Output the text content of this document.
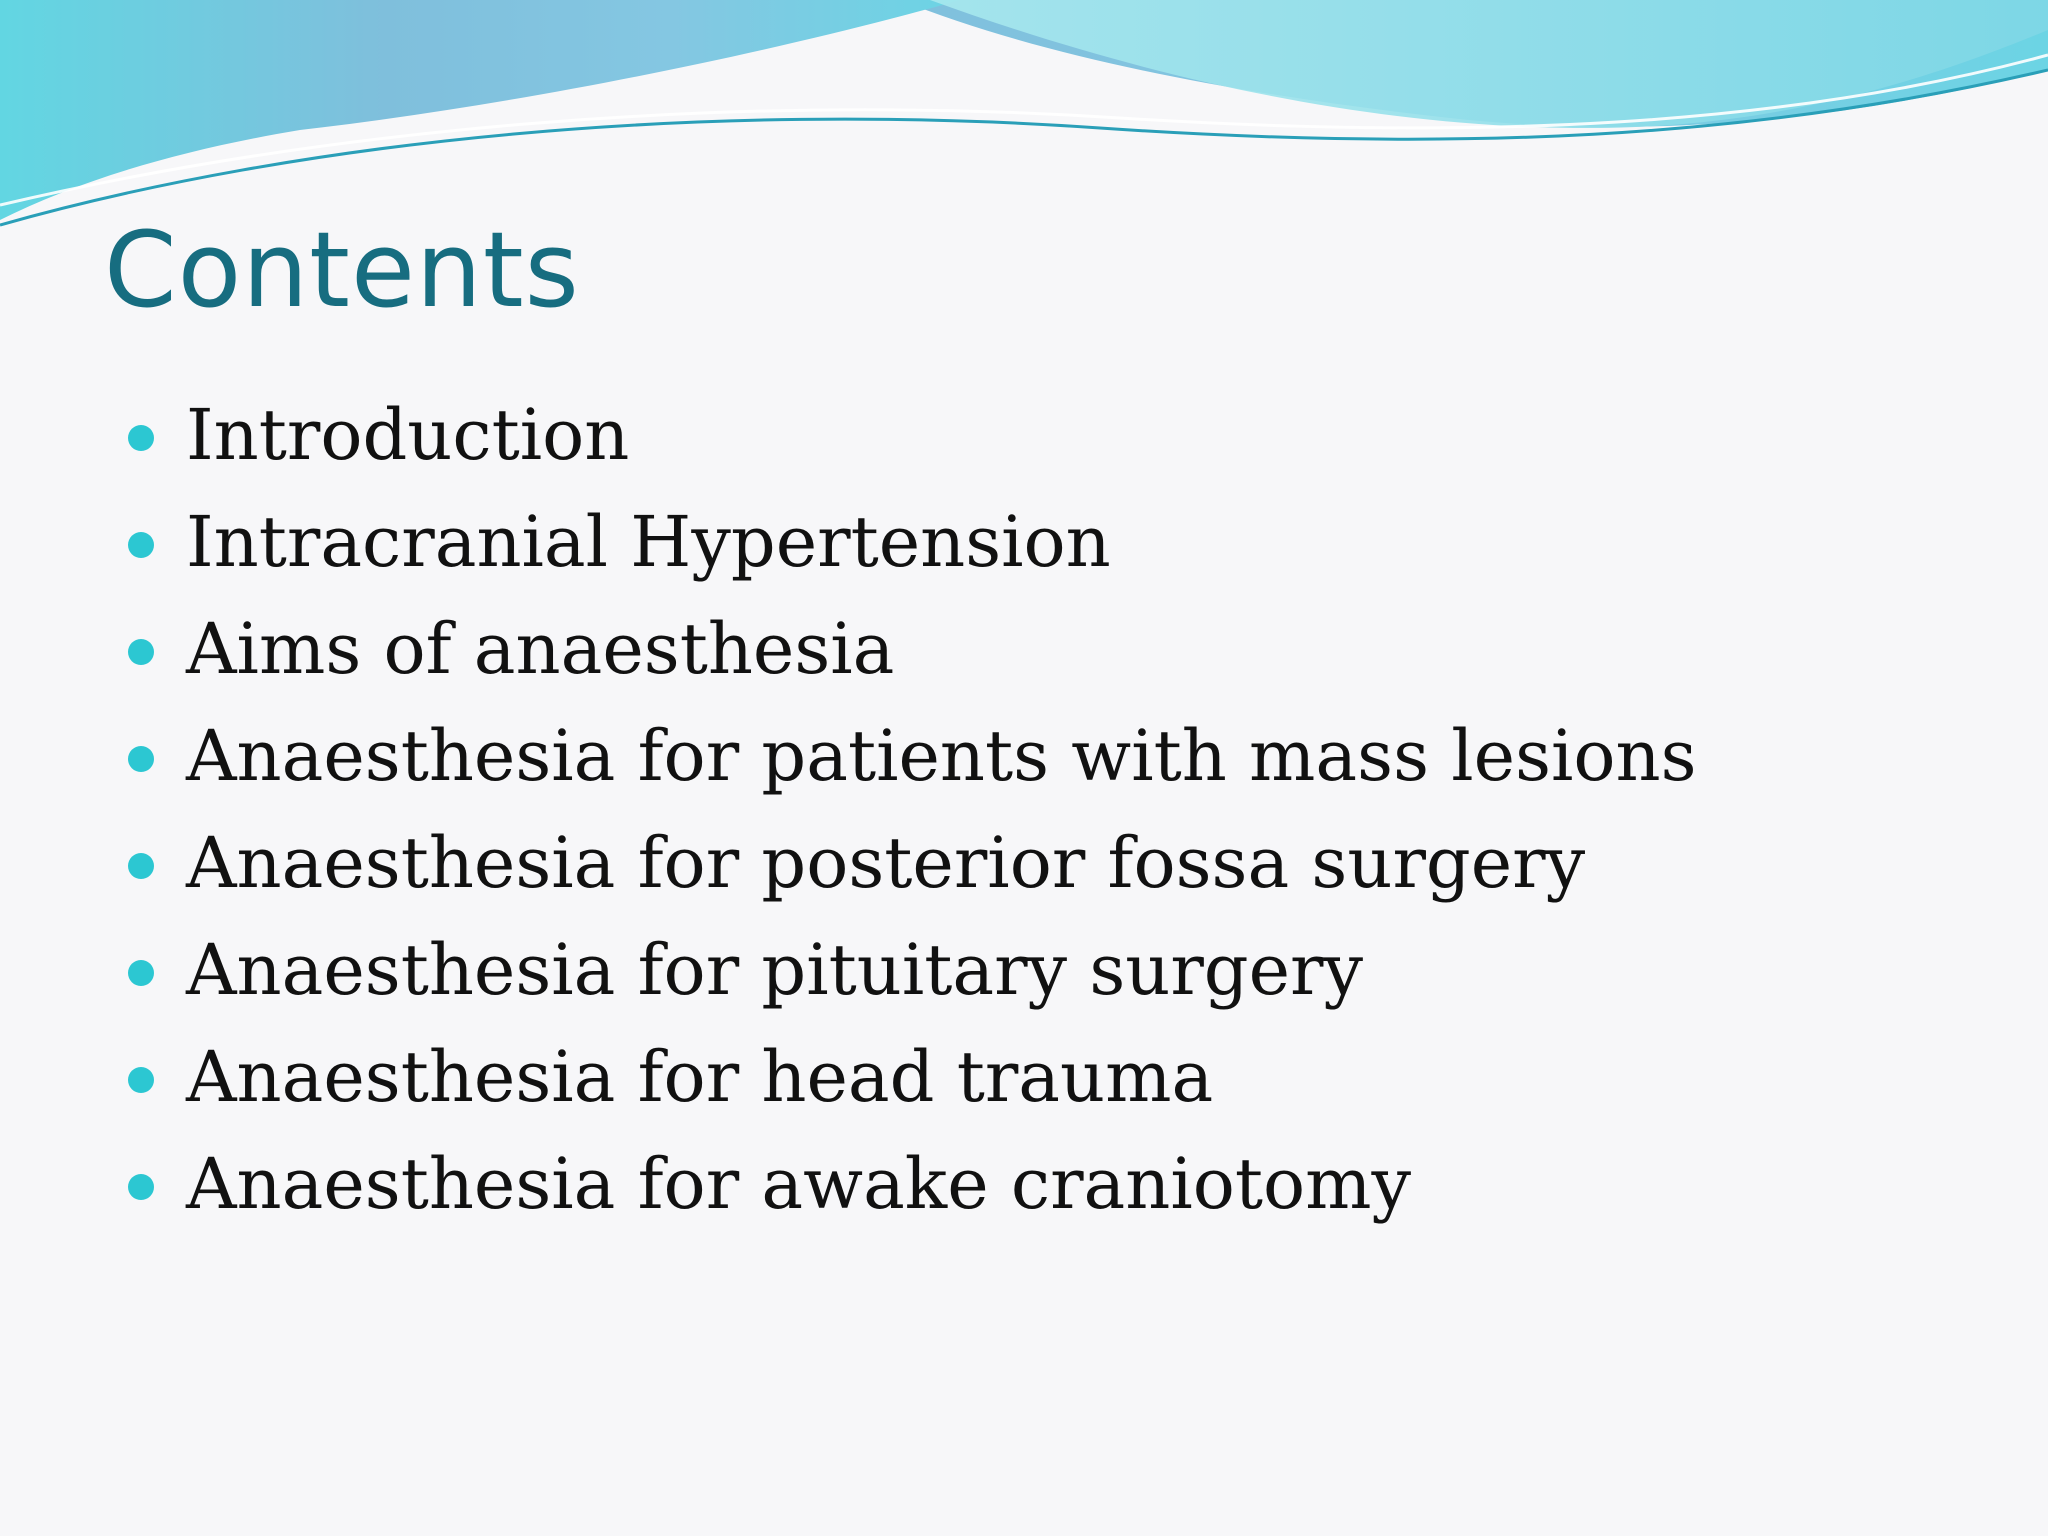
Contents
Introduction
Intracranial Hypertension
Aims of anaesthesia
Anaesthesia for patients with mass lesions
Anaesthesia for posterior fossa surgery
Anaesthesia for pituitary surgery
Anaesthesia for head trauma
Anaesthesia for awake craniotomy
